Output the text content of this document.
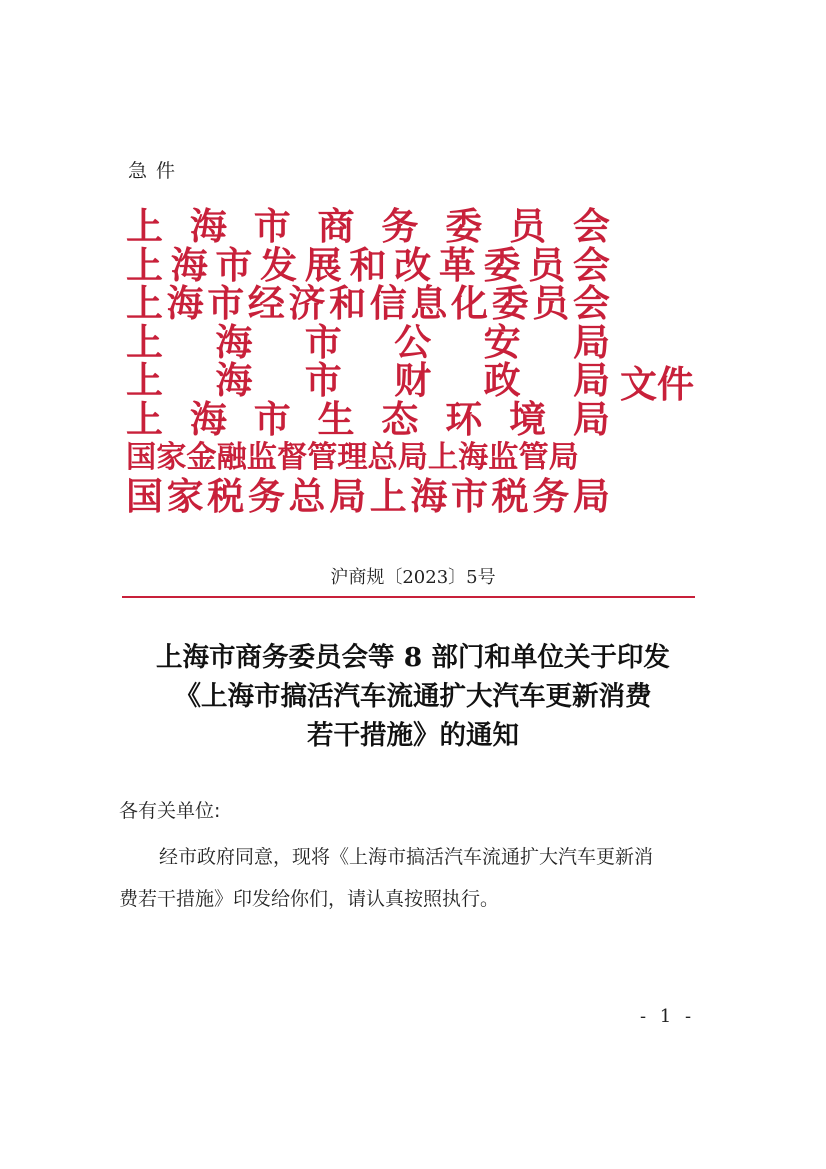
急件
上 海 市 商 务 委 员 会
上 海 市 发 展 和 改 革 委 员 会
上 海 市 经 济 和 信 息 化 委 员 会
上 海 市 公 安 局
上 海 市 财 政 局
上 海 市 生 态 环 境 局
国家金融监督管理总局上海监管局
国 家 税 务 总 局 上 海 市 税 务 局
文件
沪商规〔2023〕5号
上海市商务委员会等 8 部门和单位关于印发
《上海市搞活汽车流通扩大汽车更新消费
若干措施》的通知
各有关单位:
经市政府同意，现将《上海市搞活汽车流通扩大汽车更新消
费若干措施》印发给你们，请认真按照执行。
- 1 -
